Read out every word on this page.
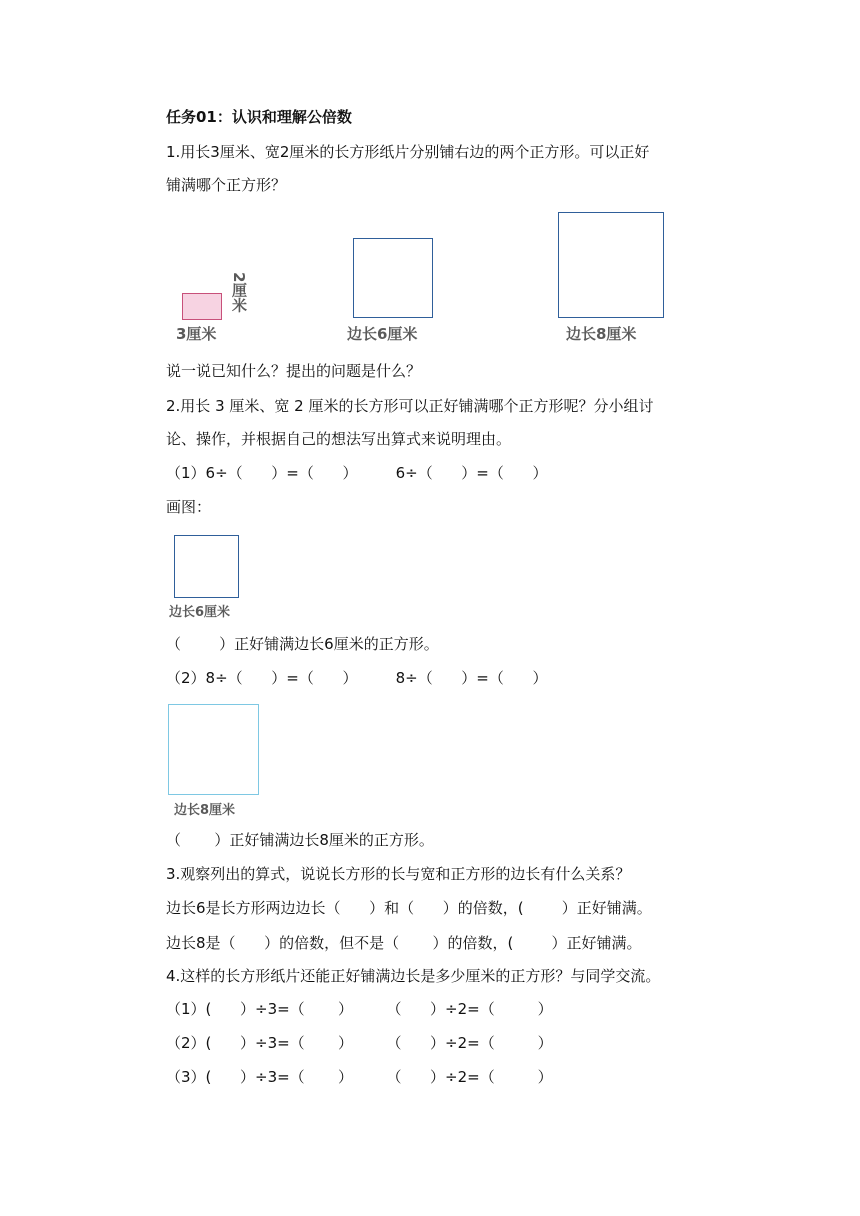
任务01：认识和理解公倍数
1.用长3厘米、宽2厘米的长方形纸片分别铺右边的两个正方形。可以正好
铺满哪个正方形？
2厘米
3厘米	边长6厘米	边长8厘米
说一说已知什么？提出的问题是什么？
2.用长 3 厘米、宽 2 厘米的长方形可以正好铺满哪个正方形呢？分小组讨
论、操作，并根据自己的想法写出算式来说明理由。
（1）6÷（      ）=（      ）        6÷（      ）=（      ）
画图：
边长6厘米
（        ）正好铺满边长6厘米的正方形。
（2）8÷（      ）=（      ）        8÷（      ）=（      ）
边长8厘米
（       ）正好铺满边长8厘米的正方形。
3.观察列出的算式，说说长方形的长与宽和正方形的边长有什么关系？
边长6是长方形两边边长（      ）和（      ）的倍数，(        ）正好铺满。
边长8是（      ）的倍数，但不是（       ）的倍数，(        ）正好铺满。
4.这样的长方形纸片还能正好铺满边长是多少厘米的正方形？与同学交流。
（1）(      ）÷3=（       ）       （      ）÷2=（         ）
（2）(      ）÷3=（       ）       （      ）÷2=（         ）
（3）(      ）÷3=（       ）       （      ）÷2=（         ）
